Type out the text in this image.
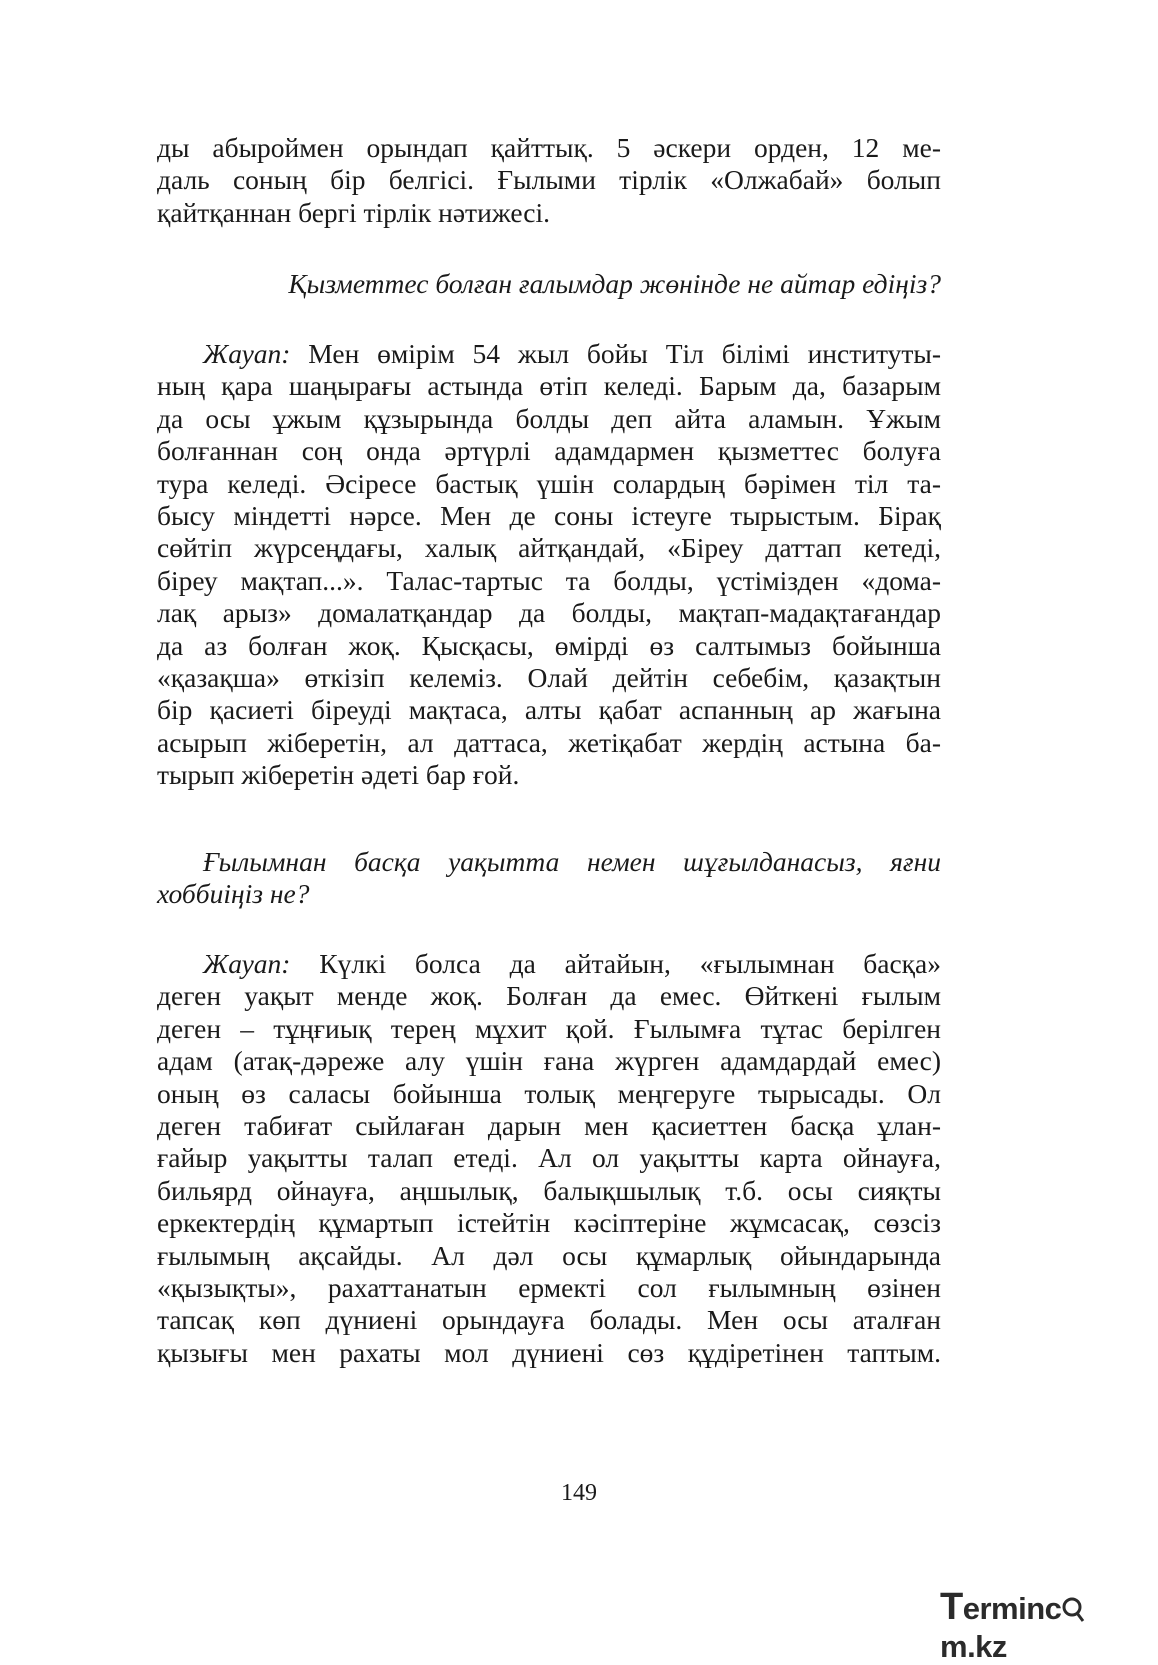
ды абыроймен орындап қайттық. 5 әскери орден, 12 ме-
даль соның бір белгісі. Ғылыми тірлік «Олжабай» болып
қайтқаннан бергі тірлік нәтижесі.
Қызметтес болған ғалымдар жөнінде не айтар едіңіз?
Жауап: Мен өмірім 54 жыл бойы Тіл білімі институты-
ның қара шаңырағы астында өтіп келеді. Барым да, базарым
да осы ұжым құзырында болды деп айта аламын. Ұжым
болғаннан соң онда әртүрлі адамдармен қызметтес болуға
тура келеді. Әсіресе бастық үшін солардың бәрімен тіл та-
бысу міндетті нәрсе. Мен де соны істеуге тырыстым. Бірақ
сөйтіп жүрсеңдағы, халық айтқандай, «Біреу даттап кетеді,
біреу мақтап...». Талас-тартыс та болды, үстімізден «дома-
лақ арыз» домалатқандар да болды, мақтап-мадақтағандар
да аз болған жоқ. Қысқасы, өмірді өз салтымыз бойынша
«қазақша» өткізіп келеміз. Олай дейтін себебім, қазақтын
бір қасиеті біреуді мақтаса, алты қабат аспанның ар жағына
асырып жіберетін, ал даттаса, жетіқабат жердің астына ба-
тырып жіберетін әдеті бар ғой.
Ғылымнан басқа уақытта немен шұғылданасыз, яғни
хоббиіңіз не?
Жауап: Күлкі болса да айтайын, «ғылымнан басқа»
деген уақыт менде жоқ. Болған да емес. Өйткені ғылым
деген – тұңғиық терең мұхит қой. Ғылымға тұтас берілген
адам (атақ-дәреже алу үшін ғана жүрген адамдардай емес)
оның өз саласы бойынша толық меңгеруге тырысады. Ол
деген табиғат сыйлаған дарын мен қасиеттен басқа ұлан-
ғайыр уақытты талап етеді. Ал ол уақытты карта ойнауға,
бильярд ойнауға, аңшылық, балықшылық т.б. осы сияқты
еркектердің құмартып істейтін кәсіптеріне жұмсасақ, сөзсіз
ғылымың ақсайды. Ал дәл осы құмарлық ойындарында
«қызықты», рахаттанатын ермекті сол ғылымның өзінен
тапсақ көп дүниені орындауға болады. Мен осы аталған
қызығы мен рахаты мол дүниені сөз құдіретінен таптым.
149
Terminc
m.kz
